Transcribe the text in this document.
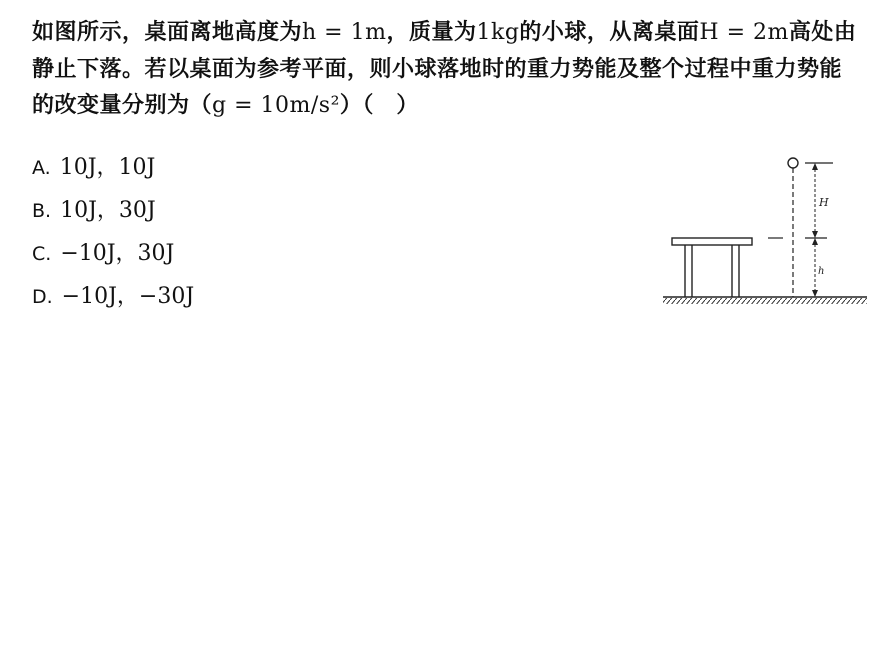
如图所示，桌面离地高度为h = 1m，质量为1kg的小球，从离桌面H = 2m高处由静止下落。若以桌面为参考平面，则小球落地时的重力势能及整个过程中重力势能的改变量分别为（g = 10m/s²）（　）
A. 10J，10J
B. 10J，30J
C. −10J，30J
D. −10J，−30J
H
h
